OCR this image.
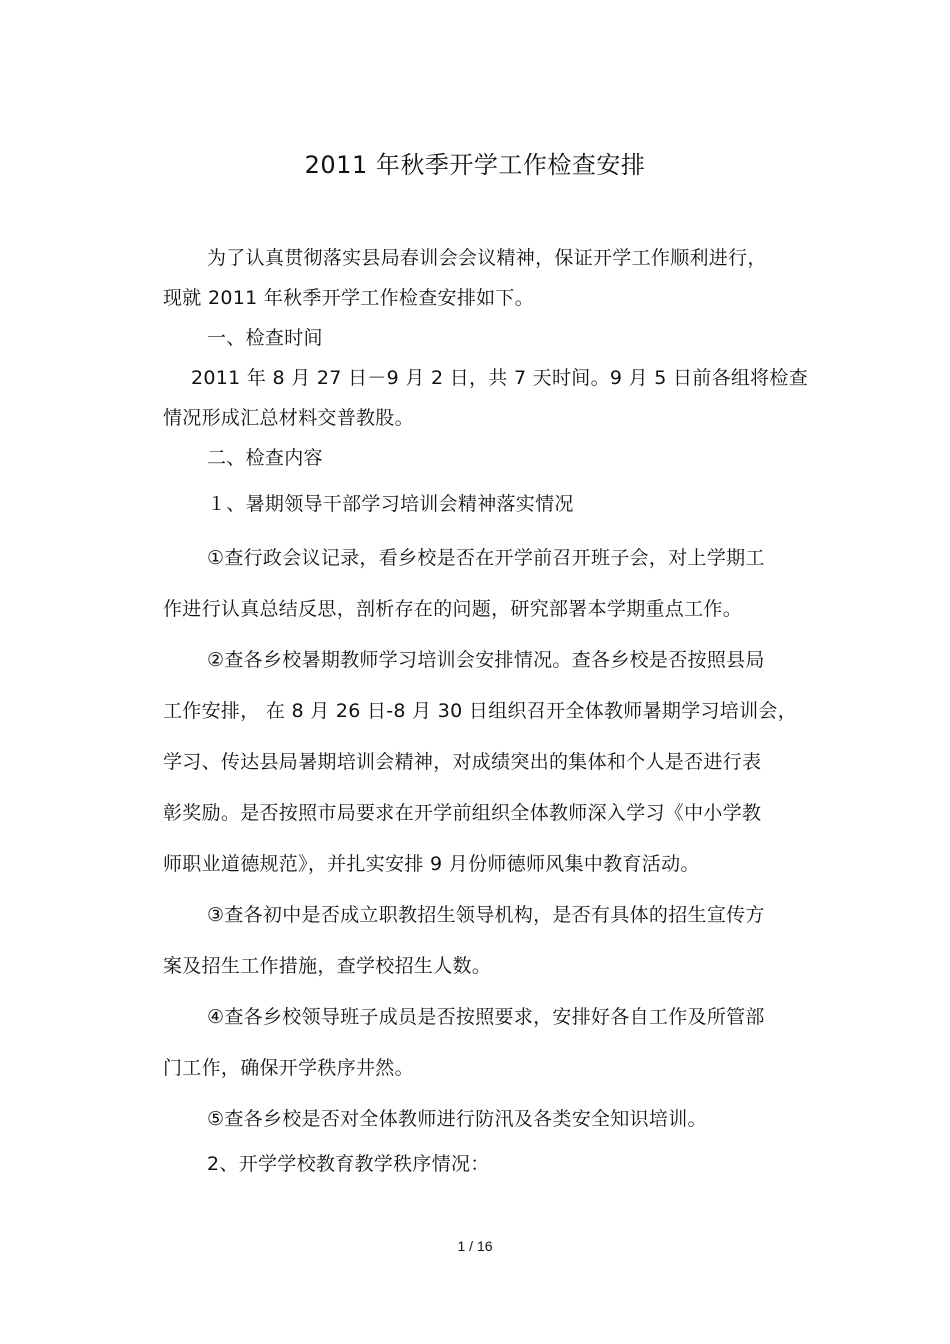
2011 年秋季开学工作检查安排
为了认真贯彻落实县局春训会会议精神，保证开学工作顺利进行，
现就 2011 年秋季开学工作检查安排如下。
一、检查时间
2011 年 8 月 27 日－9 月 2 日，共 7 天时间。9 月 5 日前各组将检查
情况形成汇总材料交普教股。
二、检查内容
１、暑期领导干部学习培训会精神落实情况
①查行政会议记录，看乡校是否在开学前召开班子会，对上学期工
作进行认真总结反思，剖析存在的问题，研究部署本学期重点工作。
②查各乡校暑期教师学习培训会安排情况。查各乡校是否按照县局
工作安排， 在 8 月 26 日-8 月 30 日组织召开全体教师暑期学习培训会，
学习、传达县局暑期培训会精神，对成绩突出的集体和个人是否进行表
彰奖励。是否按照市局要求在开学前组织全体教师深入学习《中小学教
师职业道德规范》，并扎实安排 9 月份师德师风集中教育活动。
③查各初中是否成立职教招生领导机构，是否有具体的招生宣传方
案及招生工作措施，查学校招生人数。
④查各乡校领导班子成员是否按照要求，安排好各自工作及所管部
门工作，确保开学秩序井然。
⑤查各乡校是否对全体教师进行防汛及各类安全知识培训。
2、开学学校教育教学秩序情况：
1 / 16
